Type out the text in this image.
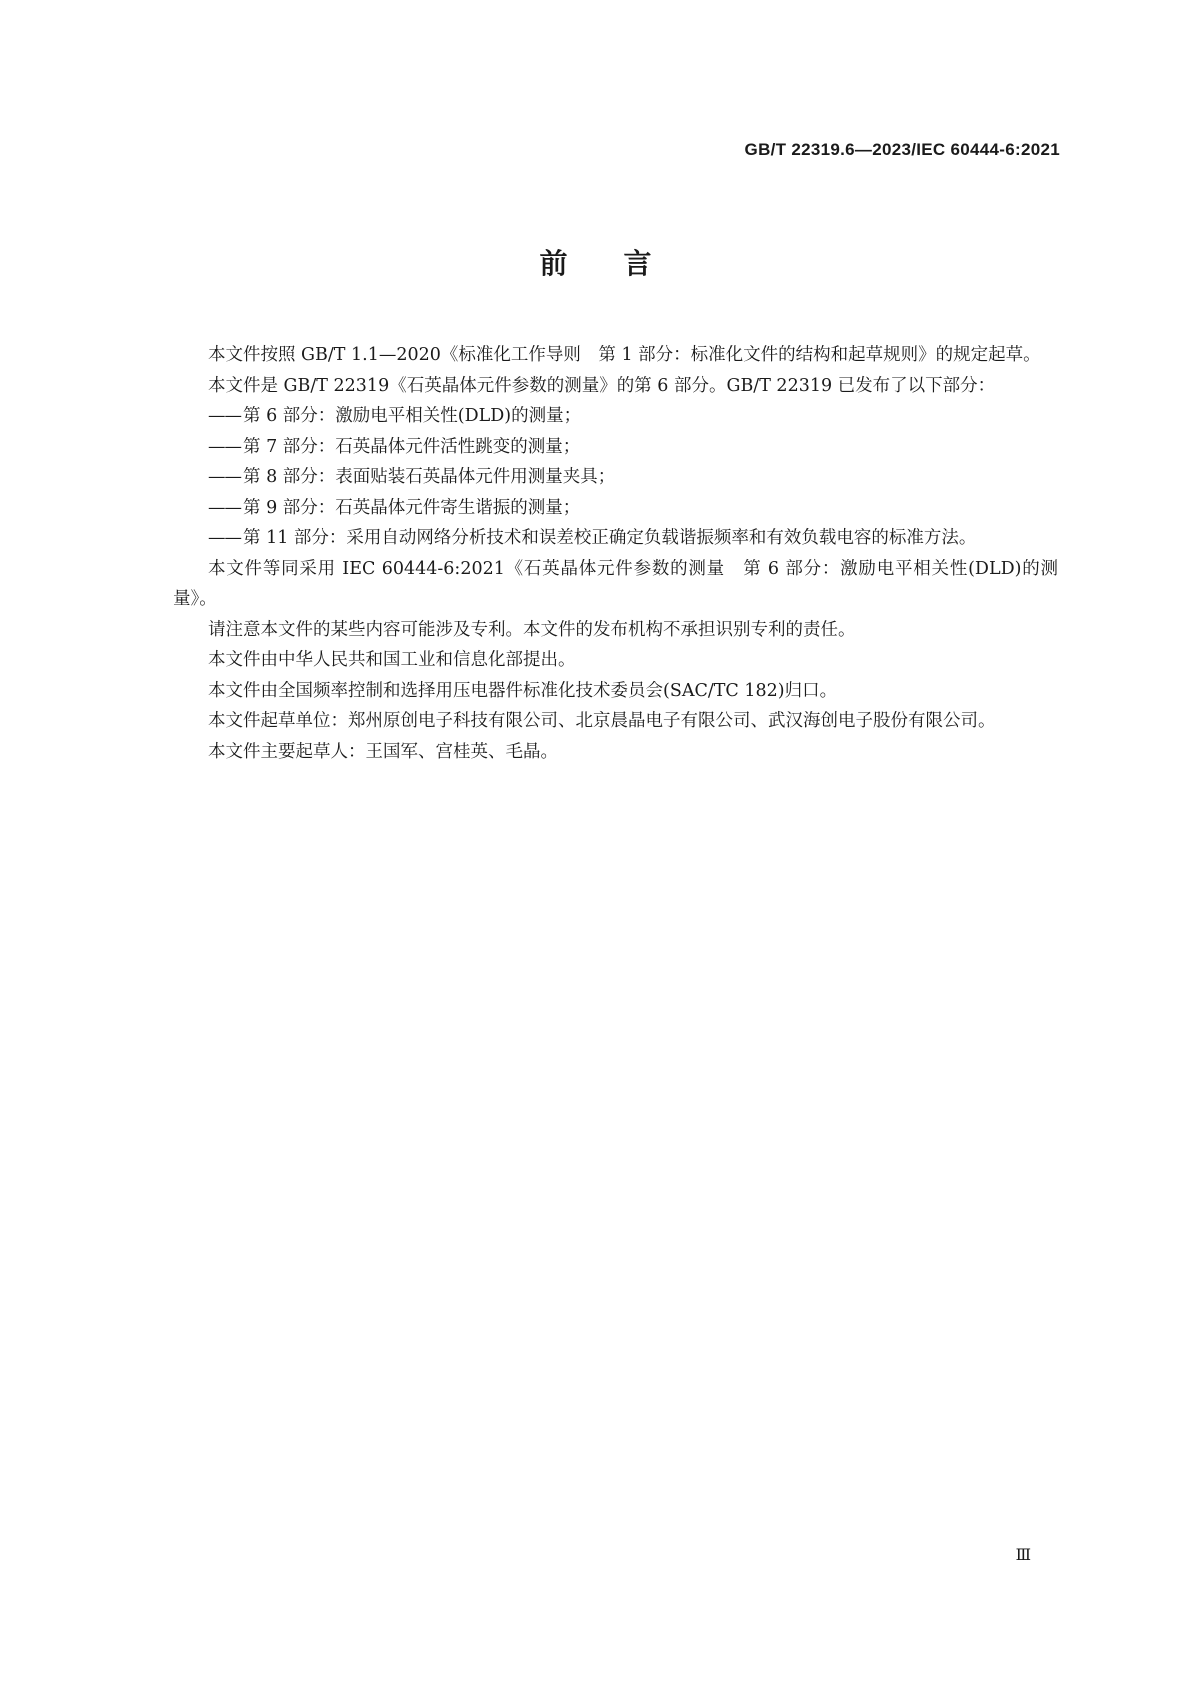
GB/T 22319.6—2023/IEC 60444-6:2021
前言

本文件按照 GB/T 1.1—2020《标准化工作导则　第 1 部分：标准化文件的结构和起草规则》的规定起草。

本文件是 GB/T 22319《石英晶体元件参数的测量》的第 6 部分。GB/T 22319 已发布了以下部分：

—— 第 6 部分：激励电平相关性(DLD)的测量；
—— 第 7 部分：石英晶体元件活性跳变的测量；
—— 第 8 部分：表面贴装石英晶体元件用测量夹具；
—— 第 9 部分：石英晶体元件寄生谐振的测量；
—— 第 11 部分：采用自动网络分析技术和误差校正确定负载谐振频率和有效负载电容的标准方法。

本文件等同采用 IEC 60444-6:2021《石英晶体元件参数的测量　第 6 部分：激励电平相关性(DLD)的测量》。

请注意本文件的某些内容可能涉及专利。本文件的发布机构不承担识别专利的责任。

本文件由中华人民共和国工业和信息化部提出。

本文件由全国频率控制和选择用压电器件标准化技术委员会(SAC/TC 182)归口。

本文件起草单位：郑州原创电子科技有限公司、北京晨晶电子有限公司、武汉海创电子股份有限公司。

本文件主要起草人：王国军、宫桂英、毛晶。

Ⅲ
